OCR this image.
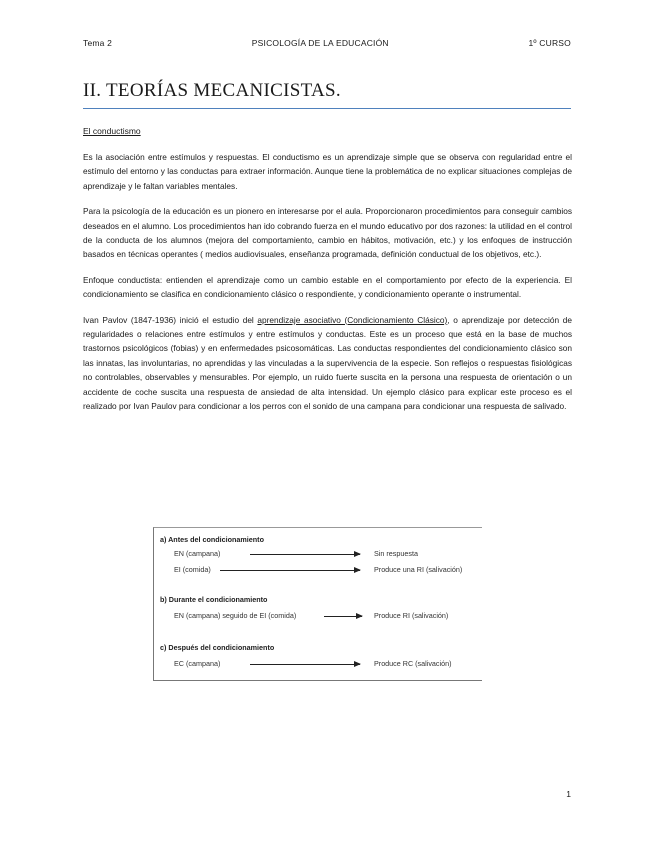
Tema 2	PSICOLOGÍA DE LA EDUCACIÓN	1º CURSO
II. TEORÍAS MECANICISTAS.
El conductismo

Es la asociación entre estímulos y respuestas. El conductismo es un aprendizaje simple que se observa con regularidad entre el estímulo del entorno y las conductas para extraer información. Aunque tiene la problemática de no explicar situaciones complejas de aprendizaje y le faltan variables mentales.

Para la psicología de la educación es un pionero en interesarse por el aula. Proporcionaron procedimientos para conseguir cambios deseados en el alumno. Los procedimientos han ido cobrando fuerza en el mundo educativo por dos razones: la utilidad en el control de la conducta de los alumnos (mejora del comportamiento, cambio en hábitos, motivación, etc.) y los enfoques de instrucción basados en técnicas operantes ( medios audiovisuales, enseñanza programada, definición conductual de los objetivos, etc.).

Enfoque conductista: entienden el aprendizaje como un cambio estable en el comportamiento por efecto de la experiencia. El condicionamiento se clasifica en condicionamiento clásico o respondiente, y condicionamiento operante o instrumental.

Ivan Pavlov (1847-1936) inició el estudio del aprendizaje asociativo (Condicionamiento Clásico), o aprendizaje por detección de regularidades o relaciones entre estímulos y entre estímulos y conductas. Este es un proceso que está en la base de muchos trastornos psicológicos (fobias) y en enfermedades psicosomáticas. Las conductas respondientes del condicionamiento clásico son las innatas, las involuntarias, no aprendidas y las vinculadas a la supervivencia de la especie. Son reflejos o respuestas fisiológicas no controlables, observables y mensurables. Por ejemplo, un ruido fuerte suscita en la persona una respuesta de orientación o un accidente de coche suscita una respuesta de ansiedad de alta intensidad. Un ejemplo clásico para explicar este proceso es el realizado por Ivan Paulov para condicionar a los perros con el sonido de una campana para condicionar una respuesta de salivado.

a) Antes del condicionamiento
EN (campana)	Sin respuesta
EI (comida)	Produce una RI (salivación)
b) Durante el condicionamiento
EN (campana) seguido de EI (comida)	Produce RI (salivación)
c) Después del condicionamiento
EC (campana)	Produce RC (salivación)
1
